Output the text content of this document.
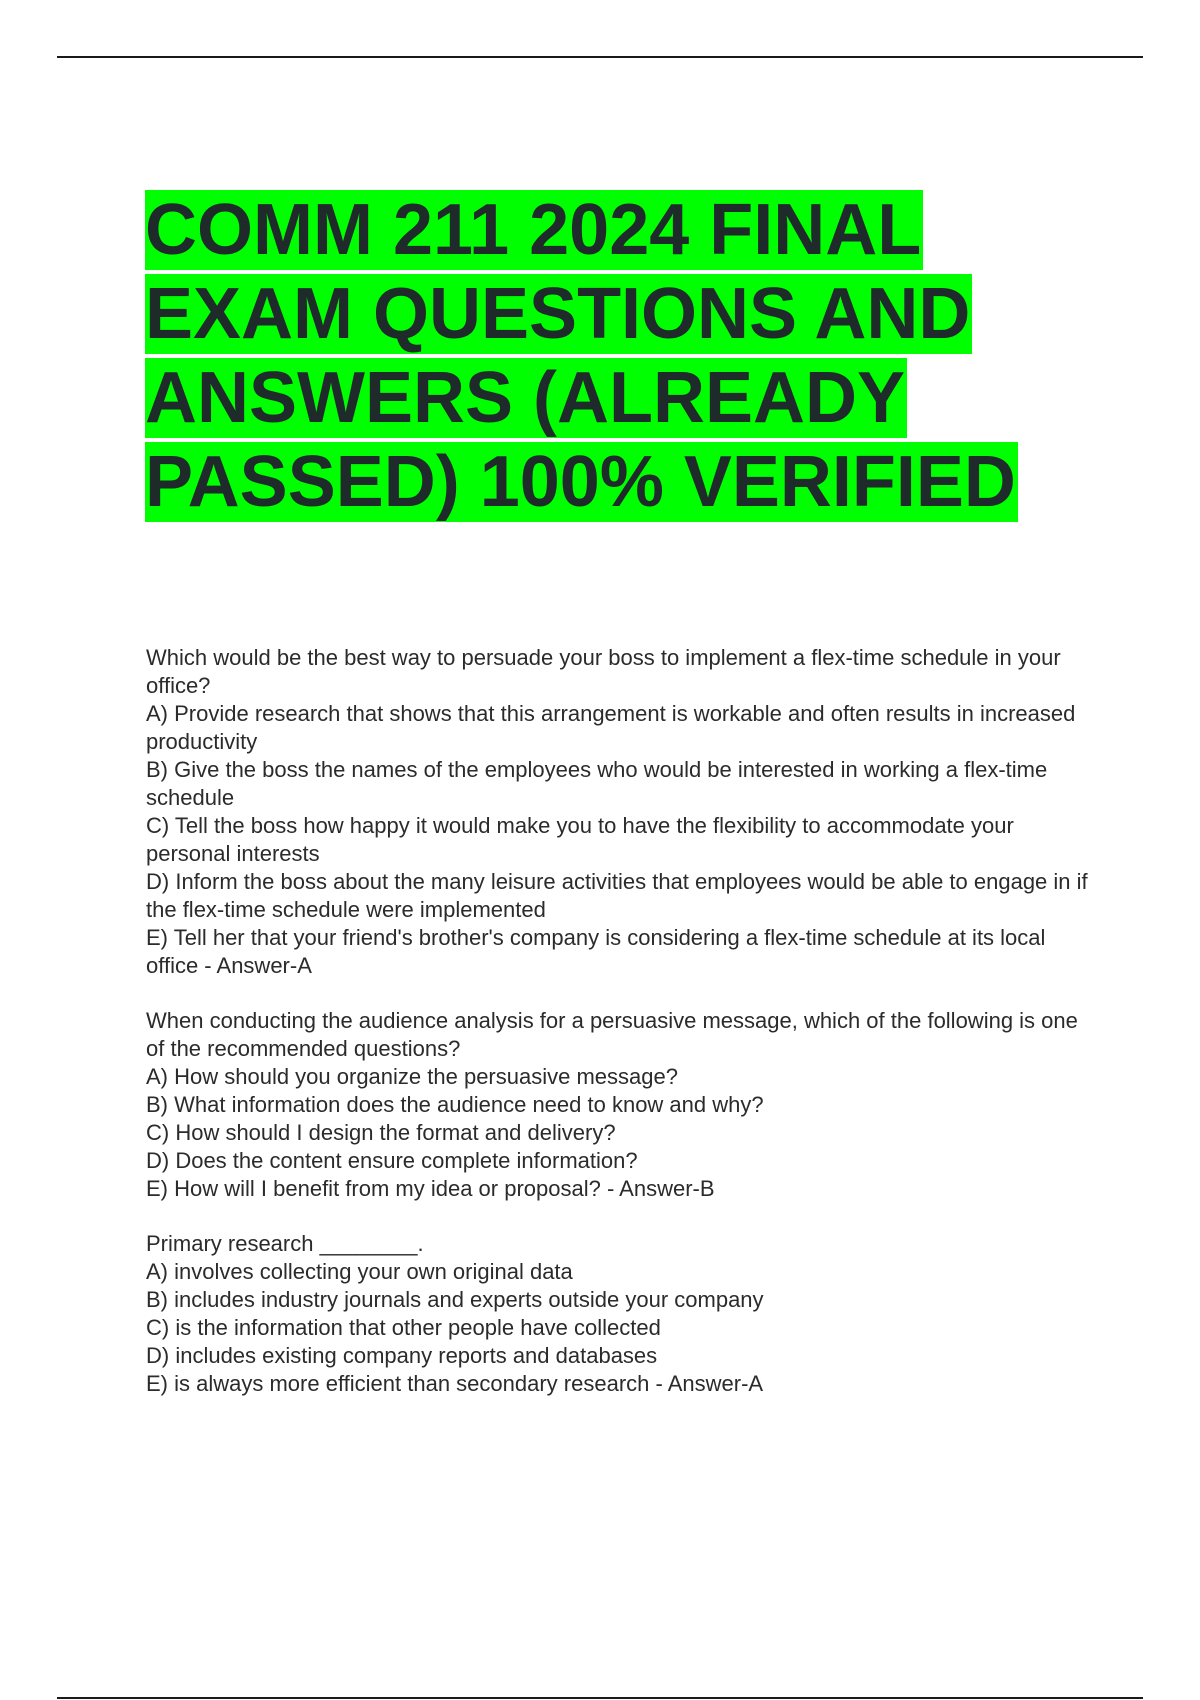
COMM 211 2024 FINAL
EXAM QUESTIONS AND
ANSWERS (ALREADY
PASSED) 100% VERIFIED

Which would be the best way to persuade your boss to implement a flex-time schedule in your office?

A) Provide research that shows that this arrangement is workable and often results in increased productivity

B) Give the boss the names of the employees who would be interested in working a flex-time schedule

C) Tell the boss how happy it would make you to have the flexibility to accommodate your personal interests

D) Inform the boss about the many leisure activities that employees would be able to engage in if the flex-time schedule were implemented

E) Tell her that your friend's brother's company is considering a flex-time schedule at its local office - Answer-A

When conducting the audience analysis for a persuasive message, which of the following is one of the recommended questions?

A) How should you organize the persuasive message?

B) What information does the audience need to know and why?

C) How should I design the format and delivery?

D) Does the content ensure complete information?

E) How will I benefit from my idea or proposal? - Answer-B

Primary research ________.

A) involves collecting your own original data

B) includes industry journals and experts outside your company

C) is the information that other people have collected

D) includes existing company reports and databases

E) is always more efficient than secondary research - Answer-A
